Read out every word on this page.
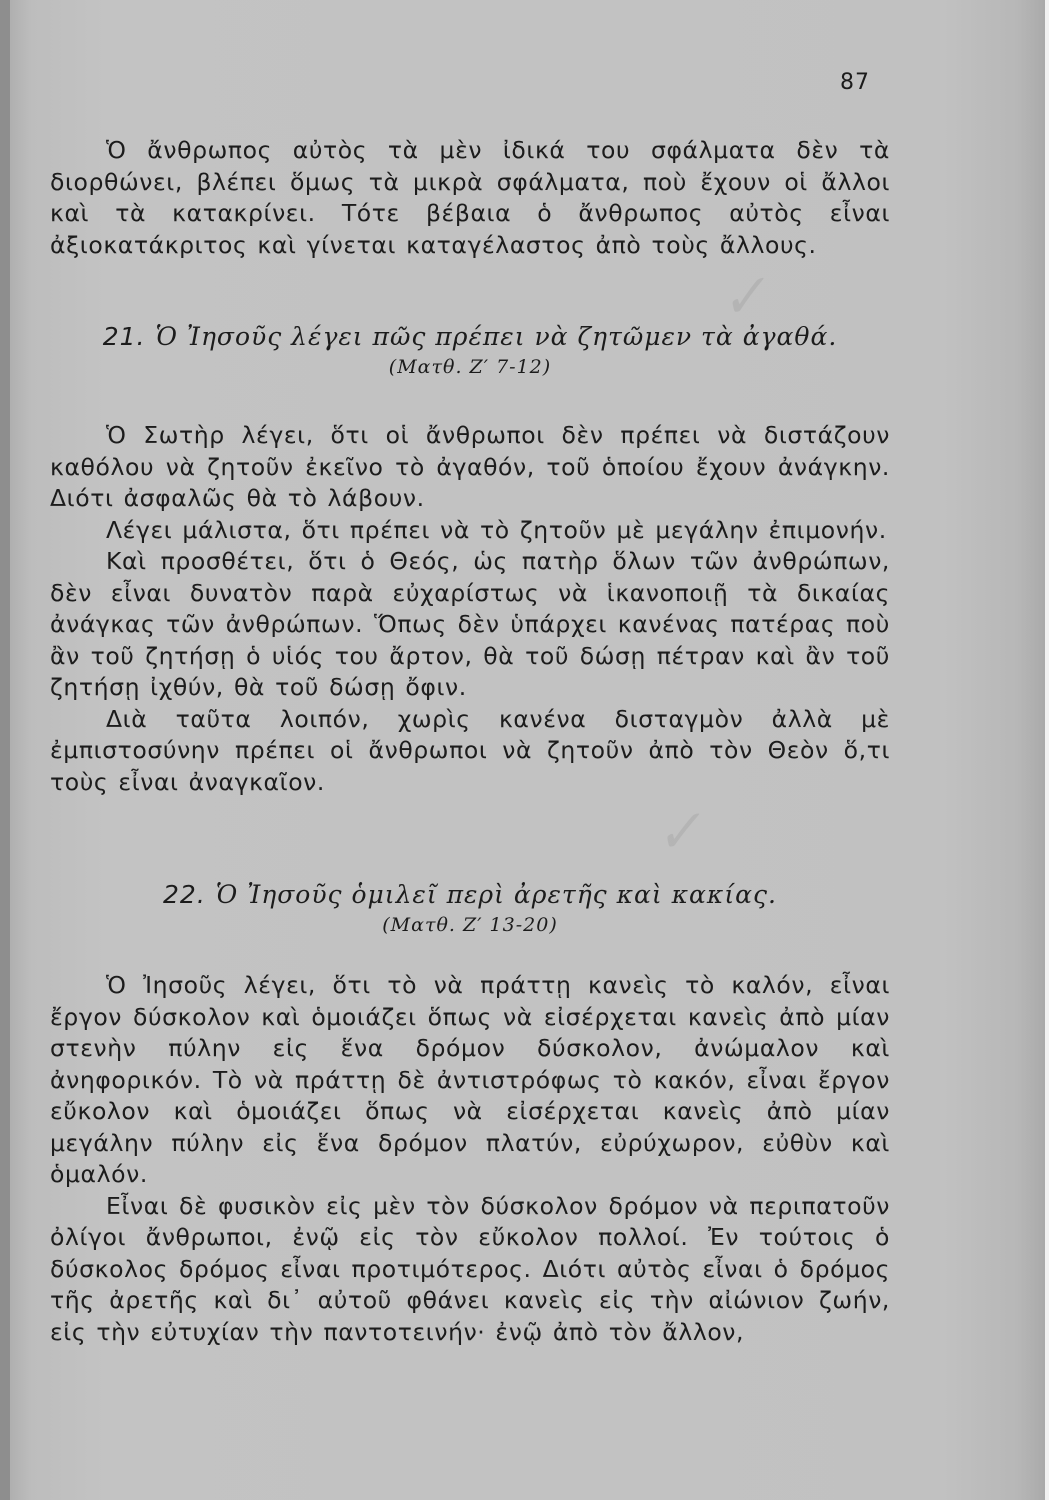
✓
✓
87

Ὁ ἄνθρωπος αὐτὸς τὰ μὲν ἰδικά του σφάλματα δὲν τὰ διορθώνει, βλέπει ὅμως τὰ μικρὰ σφάλματα, ποὺ ἔχουν οἱ ἄλλοι καὶ τὰ κατακρίνει. Τότε βέβαια ὁ ἄνθρωπος αὐτὸς εἶναι ἀξιοκατάκριτος καὶ γίνεται καταγέλαστος ἀπὸ τοὺς ἄλλους.

21. Ὁ Ἰησοῦς λέγει πῶς πρέπει νὰ ζητῶμεν τὰ ἀγαθά.
(Ματθ. Ζ′ 7-12)

Ὁ Σωτὴρ λέγει, ὅτι οἱ ἄνθρωποι δὲν πρέπει νὰ διστάζουν καθόλου νὰ ζητοῦν ἐκεῖνο τὸ ἀγαθόν, τοῦ ὁποίου ἔχουν ἀνάγκην. Διότι ἀσφαλῶς θὰ τὸ λάβουν.

Λέγει μάλιστα, ὅτι πρέπει νὰ τὸ ζητοῦν μὲ μεγάλην ἐπιμονήν.

Καὶ προσθέτει, ὅτι ὁ Θεός, ὡς πατὴρ ὅλων τῶν ἀνθρώπων, δὲν εἶναι δυνατὸν παρὰ εὐχαρίστως νὰ ἱκανοποιῇ τὰ δικαίας ἀνάγκας τῶν ἀνθρώπων. Ὅπως δὲν ὑπάρχει κανένας πατέρας ποὺ ἂν τοῦ ζητήσῃ ὁ υἱός του ἄρτον, θὰ τοῦ δώσῃ πέτραν καὶ ἂν τοῦ ζητήσῃ ἰχθύν, θὰ τοῦ δώσῃ ὄφιν.

Διὰ ταῦτα λοιπόν, χωρὶς κανένα δισταγμὸν ἀλλὰ μὲ ἐμπιστοσύνην πρέπει οἱ ἄνθρωποι νὰ ζητοῦν ἀπὸ τὸν Θεὸν ὅ,τι τοὺς εἶναι ἀναγκαῖον.

22. Ὁ Ἰησοῦς ὁμιλεῖ περὶ ἀρετῆς καὶ κακίας.
(Ματθ. Ζ′ 13-20)

Ὁ Ἰησοῦς λέγει, ὅτι τὸ νὰ πράττῃ κανεὶς τὸ καλόν, εἶναι ἔργον δύσκολον καὶ ὁμοιάζει ὅπως νὰ εἰσέρχεται κανεὶς ἀπὸ μίαν στενὴν πύλην εἰς ἕνα δρόμον δύσκολον, ἀνώμαλον καὶ ἀνηφορικόν. Τὸ νὰ πράττῃ δὲ ἀντιστρόφως τὸ κακόν, εἶναι ἔργον εὔκολον καὶ ὁμοιάζει ὅπως νὰ εἰσέρχεται κανεὶς ἀπὸ μίαν μεγάλην πύλην εἰς ἕνα δρόμον πλατύν, εὐρύχωρον, εὐθὺν καὶ ὁμαλόν.

Εἶναι δὲ φυσικὸν εἰς μὲν τὸν δύσκολον δρόμον νὰ περιπατοῦν ὀλίγοι ἄνθρωποι, ἐνῷ εἰς τὸν εὔκολον πολλοί. Ἐν τούτοις ὁ δύσκολος δρόμος εἶναι προτιμότερος. Διότι αὐτὸς εἶναι ὁ δρόμος τῆς ἀρετῆς καὶ δι᾽ αὐτοῦ φθάνει κανεὶς εἰς τὴν αἰώνιον ζωήν, εἰς τὴν εὐτυχίαν τὴν παντοτεινήν· ἐνῷ ἀπὸ τὸν ἄλλον,
